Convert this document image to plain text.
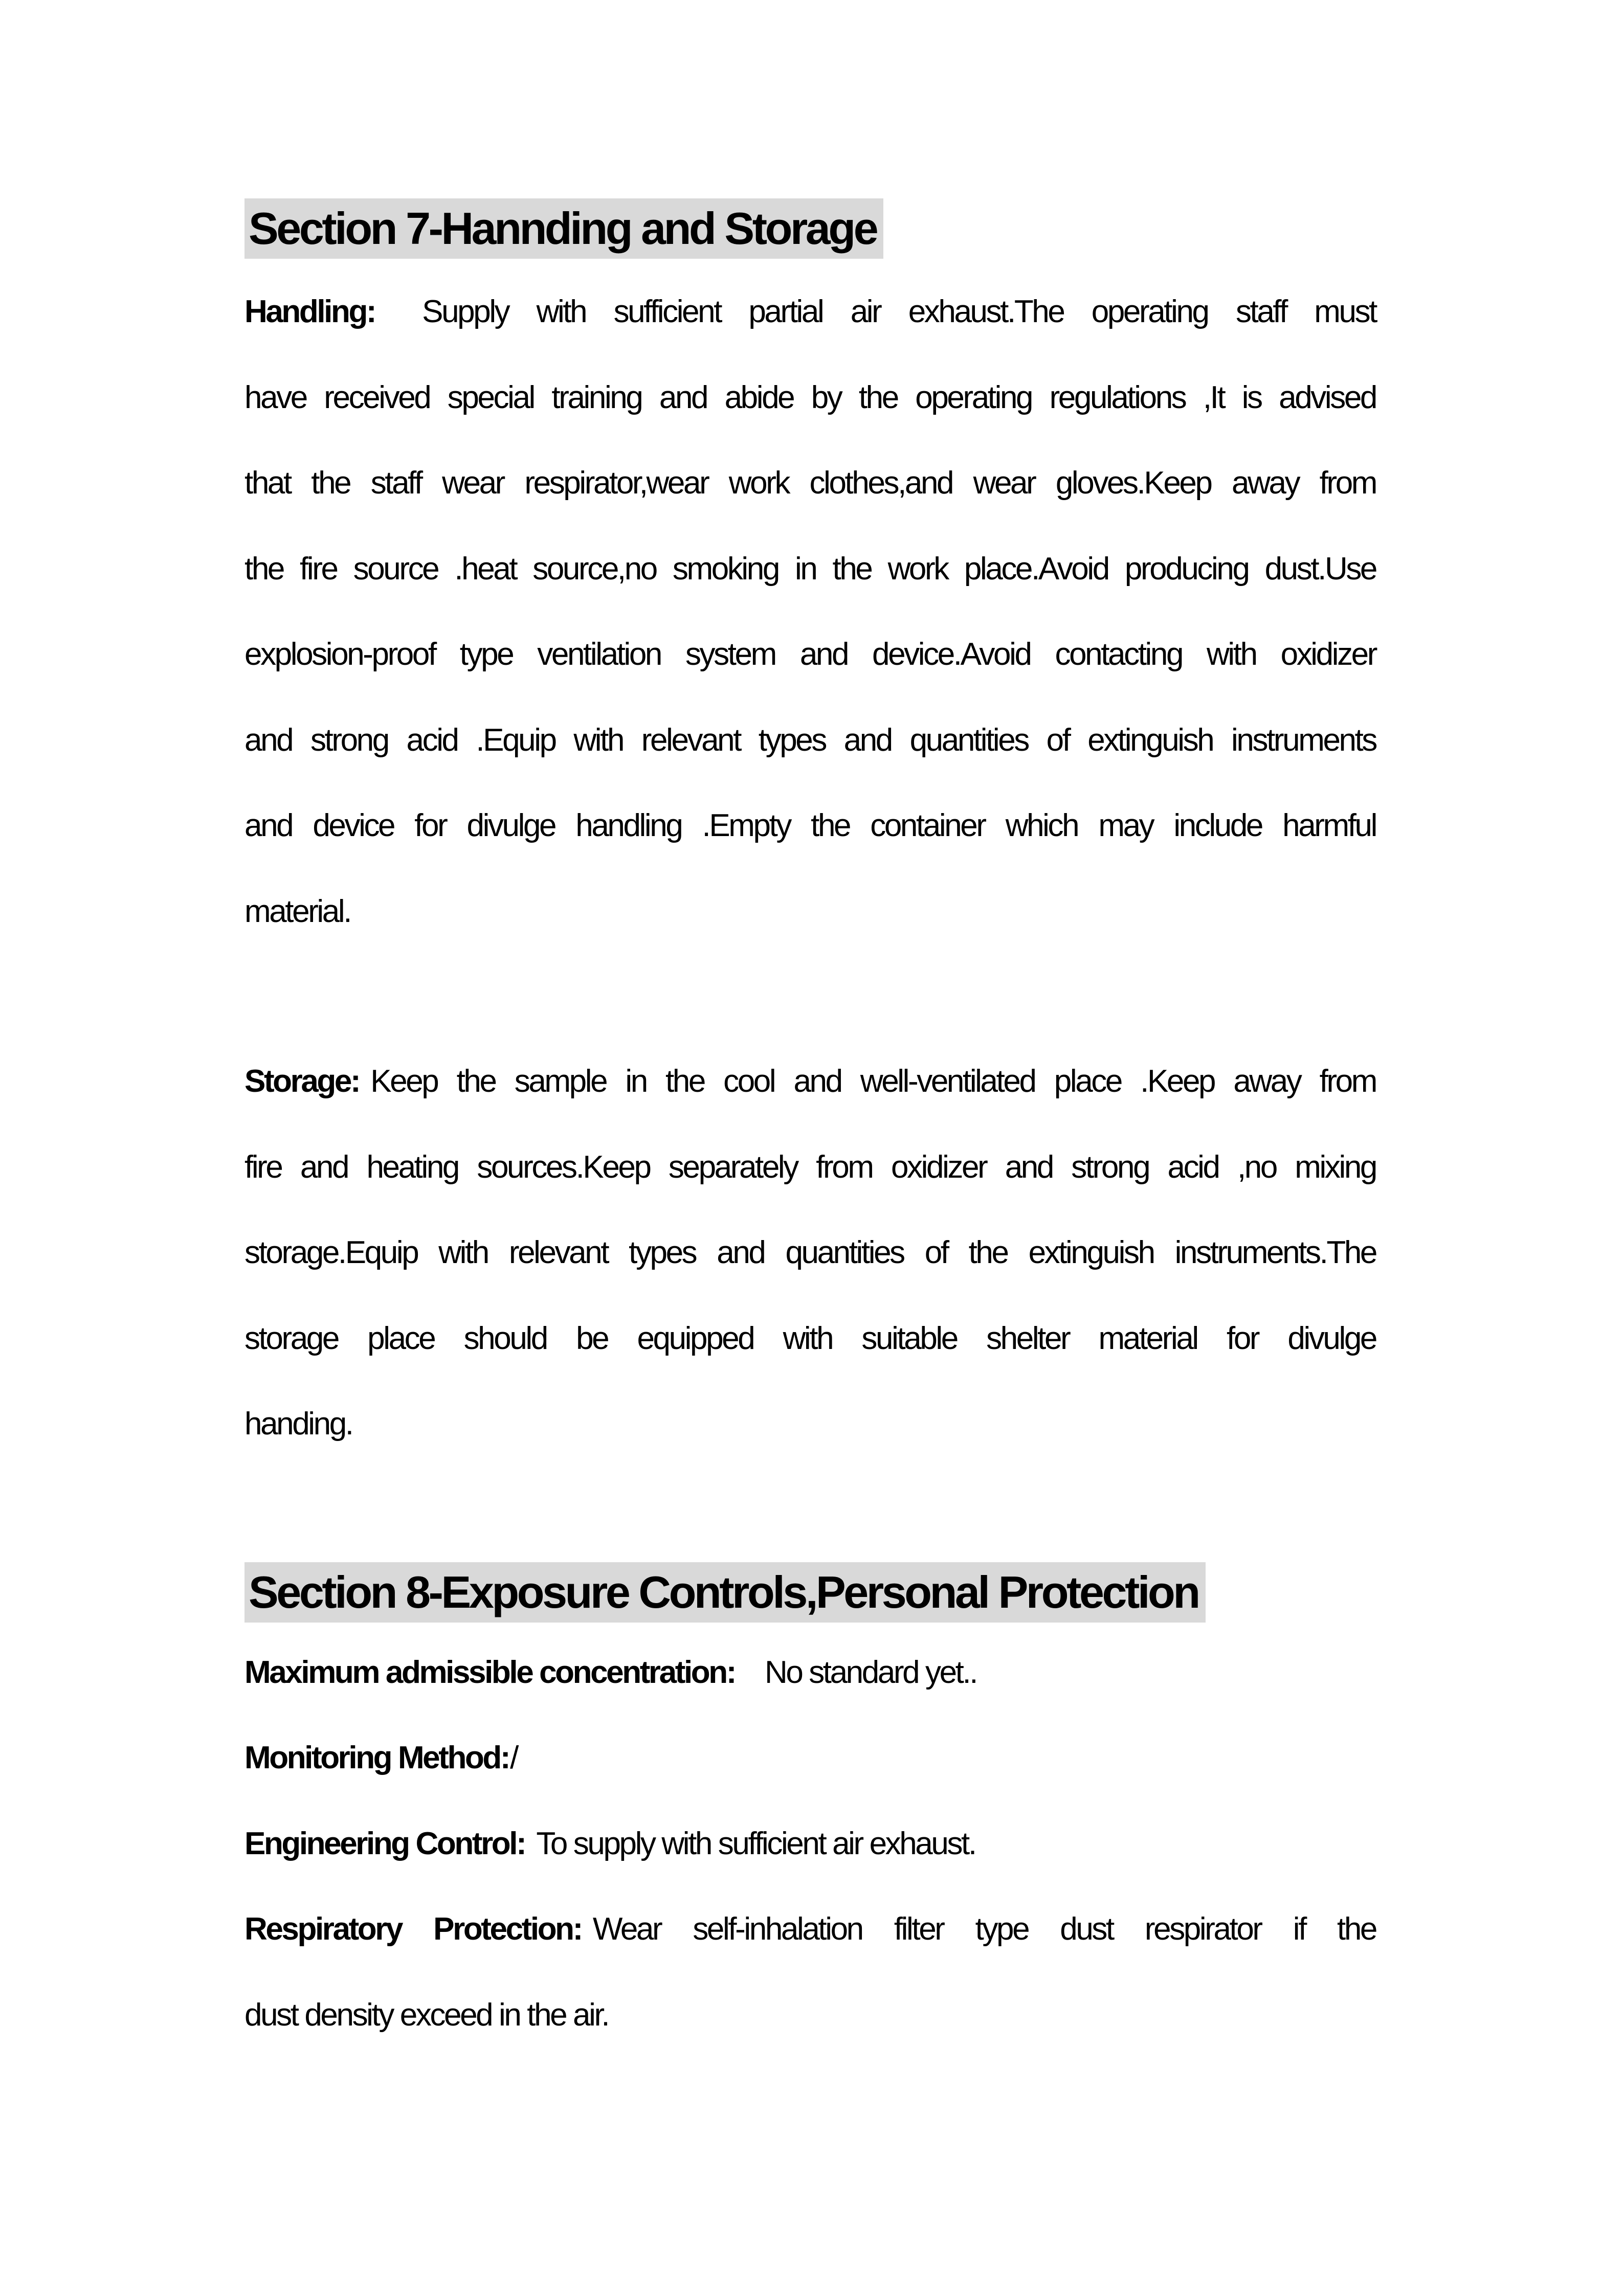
Section 7-Hannding and Storage
Handling: Supply with sufficient partial air exhaust.The operating staff must
have received special training and abide by the operating regulations ,It is advised
that the staff wear respirator,wear work clothes,and wear gloves.Keep away from
the fire source .heat source,no smoking in the work place.Avoid producing dust.Use
explosion-proof type ventilation system and device.Avoid contacting with oxidizer
and strong acid .Equip with relevant types and quantities of extinguish instruments
and device for divulge handling .Empty the container which may include harmful
material.
Storage: Keep the sample in the cool and well-ventilated place .Keep away from
fire and heating sources.Keep separately from oxidizer and strong acid ,no mixing
storage.Equip with relevant types and quantities of the extinguish instruments.The
storage place should be equipped with suitable shelter material for divulge
handing.
Section 8-Exposure Controls,Personal Protection
Maximum admissible concentration: No standard yet..
Monitoring Method:/
Engineering Control: To supply with sufficient air exhaust.
Respiratory Protection: Wear self-inhalation filter type dust respirator if the
dust density exceed in the air.
